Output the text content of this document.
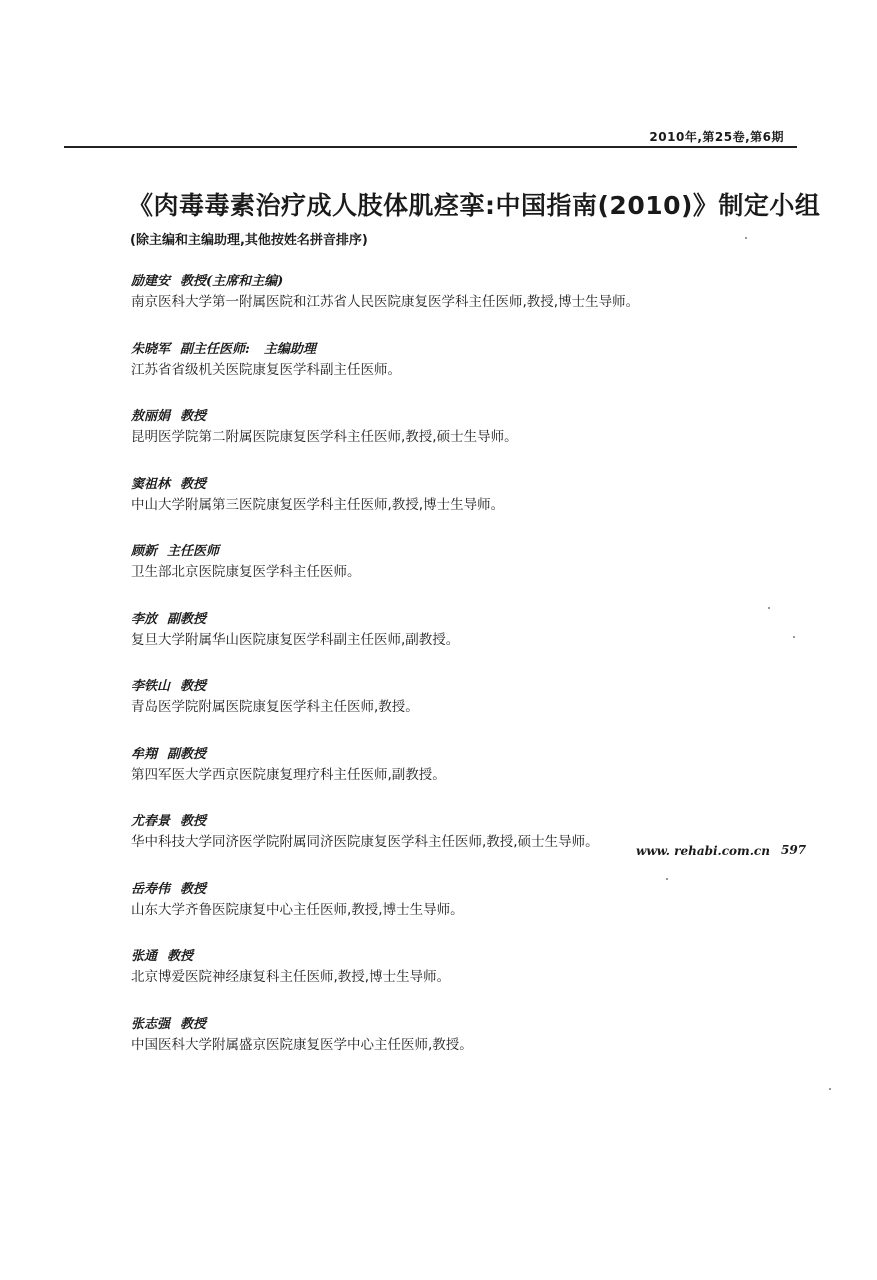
2010年,第25卷,第6期
《肉毒毒素治疗成人肢体肌痉挛:中国指南(2010)》制定小组
(除主编和主编助理,其他按姓名拼音排序)
励建安 教授(主席和主编)
南京医科大学第一附属医院和江苏省人民医院康复医学科主任医师,教授,博士生导师。
朱晓军 副主任医师: 主编助理
江苏省省级机关医院康复医学科副主任医师。
敖丽娟 教授
昆明医学院第二附属医院康复医学科主任医师,教授,硕士生导师。
窦祖林 教授
中山大学附属第三医院康复医学科主任医师,教授,博士生导师。
顾新 主任医师
卫生部北京医院康复医学科主任医师。
李放 副教授
复旦大学附属华山医院康复医学科副主任医师,副教授。
李铁山 教授
青岛医学院附属医院康复医学科主任医师,教授。
牟翔 副教授
第四军医大学西京医院康复理疗科主任医师,副教授。
尤春景 教授
华中科技大学同济医学院附属同济医院康复医学科主任医师,教授,硕士生导师。
岳寿伟 教授
山东大学齐鲁医院康复中心主任医师,教授,博士生导师。
张通 教授
北京博爱医院神经康复科主任医师,教授,博士生导师。
张志强 教授
中国医科大学附属盛京医院康复医学中心主任医师,教授。
www. rehabi.com.cn 597
